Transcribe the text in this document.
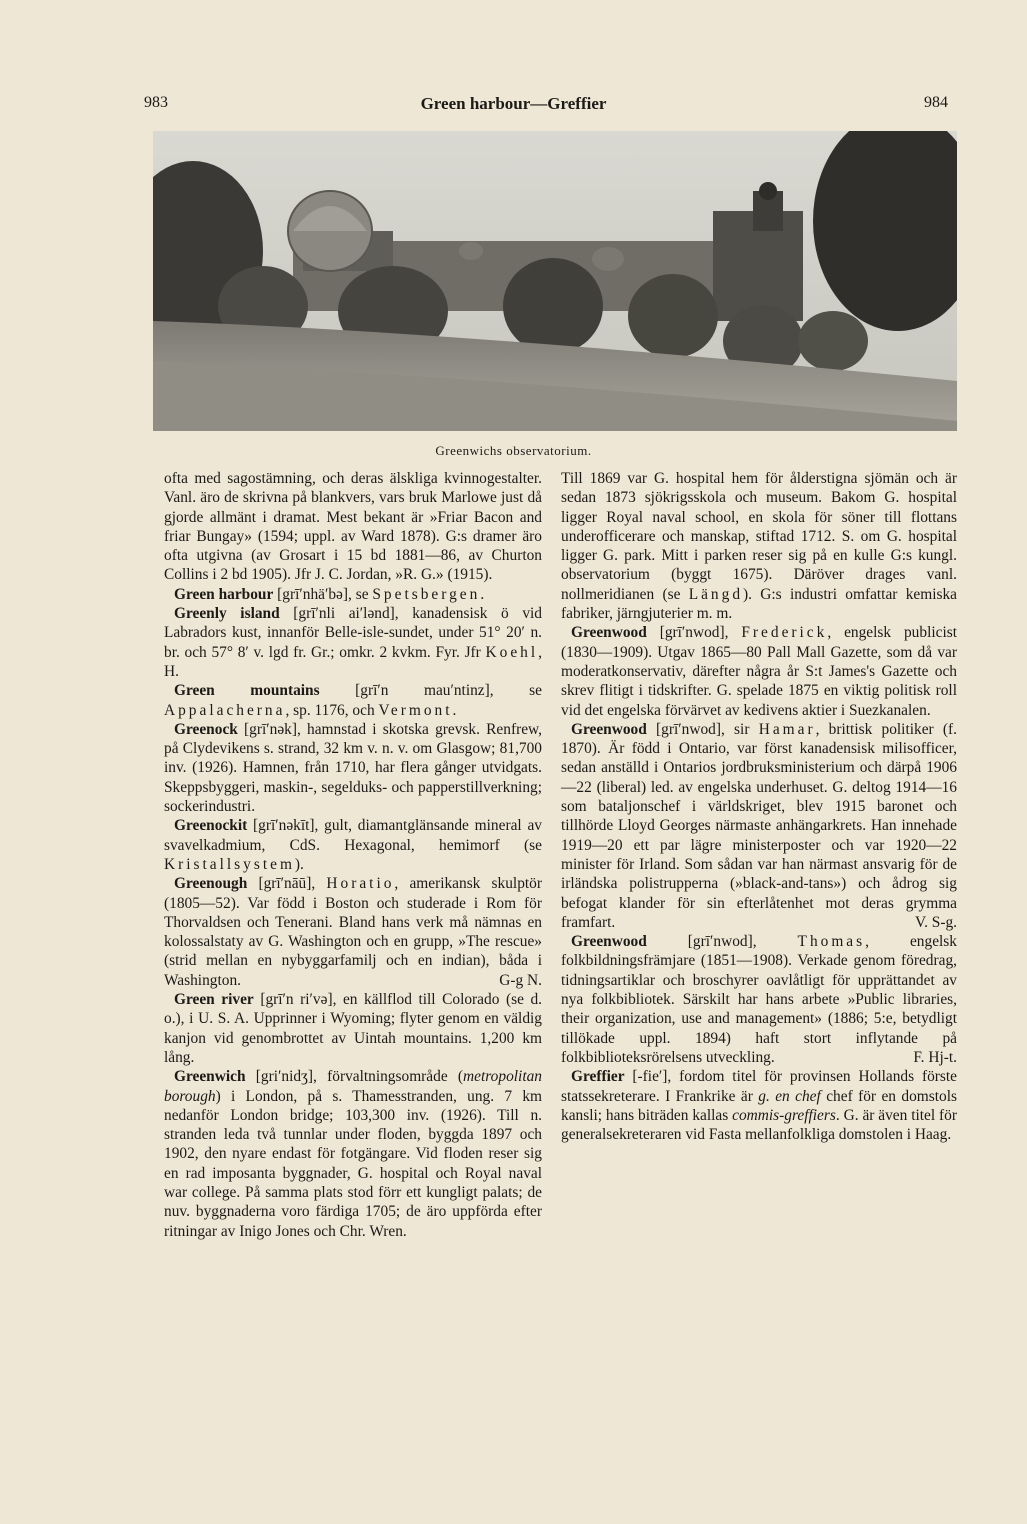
983	Green harbour—Greffier	984
Greenwichs observatorium.

ofta med sagostämning, och deras älskliga kvinnogestalter. Vanl. äro de skrivna på blankvers, vars bruk Marlowe just då gjorde allmänt i dramat. Mest bekant är »Friar Bacon and friar Bungay» (1594; uppl. av Ward 1878). G:s dramer äro ofta utgivna (av Grosart i 15 bd 1881—86, av Churton Collins i 2 bd 1905). Jfr J. C. Jordan, »R. G.» (1915).

Green harbour [grī′nhä′bə], se Spetsbergen.

Greenly island [grī′nli ai′lənd], kanadensisk ö vid Labradors kust, innanför Belle-isle-sundet, under 51° 20′ n. br. och 57° 8′ v. lgd fr. Gr.; omkr. 2 kvkm. Fyr. Jfr Koehl, H.

Green mountains [grī′n mau′ntinz], se Appalacherna, sp. 1176, och Vermont.

Greenock [grī′nək], hamnstad i skotska grevsk. Renfrew, på Clydevikens s. strand, 32 km v. n. v. om Glasgow; 81,700 inv. (1926). Hamnen, från 1710, har flera gånger utvidgats. Skeppsbyggeri, maskin-, segelduks- och papperstillverkning; sockerindustri.

Greenockit [grī′nəkīt], gult, diamantglänsande mineral av svavelkadmium, CdS. Hexagonal, hemimorf (se Kristallsystem).

Greenough [grī′nāū], Horatio, amerikansk skulptör (1805—52). Var född i Boston och studerade i Rom för Thorvaldsen och Tenerani. Bland hans verk må nämnas en kolossalstaty av G. Washington och en grupp, »The rescue» (strid mellan en nybyggarfamilj och en indian), båda i Washington.	G-g N.

Green river [grī′n ri′və], en källflod till Colorado (se d. o.), i U. S. A. Upprinner i Wyoming; flyter genom en väldig kanjon vid genombrottet av Uintah mountains. 1,200 km lång.

Greenwich [gri′nidʒ], förvaltningsområde (metropolitan borough) i London, på s. Thamesstranden, ung. 7 km nedanför London bridge; 103,300 inv. (1926). Till n. stranden leda två tunnlar under floden, byggda 1897 och 1902, den nyare endast för fotgängare. Vid floden reser sig en rad imposanta byggnader, G. hospital och Royal naval war college. På samma plats stod förr ett kungligt palats; de nuv. byggnaderna voro färdiga 1705; de äro uppförda efter ritningar av Inigo Jones och Chr. Wren.

Till 1869 var G. hospital hem för ålderstigna sjömän och är sedan 1873 sjökrigsskola och museum. Bakom G. hospital ligger Royal naval school, en skola för söner till flottans underofficerare och manskap, stiftad 1712. S. om G. hospital ligger G. park. Mitt i parken reser sig på en kulle G:s kungl. observatorium (byggt 1675). Däröver drages vanl. nollmeridianen (se Längd). G:s industri omfattar kemiska fabriker, järngjuterier m. m.

Greenwood [grī′nwod], Frederick, engelsk publicist (1830—1909). Utgav 1865—80 Pall Mall Gazette, som då var moderatkonservativ, därefter några år S:t James's Gazette och skrev flitigt i tidskrifter. G. spelade 1875 en viktig politisk roll vid det engelska förvärvet av kedivens aktier i Suezkanalen.

Greenwood [grī′nwod], sir Hamar, brittisk politiker (f. 1870). Är född i Ontario, var först kanadensisk milisofficer, sedan anställd i Ontarios jordbruksministerium och därpå 1906—22 (liberal) led. av engelska underhuset. G. deltog 1914—16 som bataljonschef i världskriget, blev 1915 baronet och tillhörde Lloyd Georges närmaste anhängarkrets. Han innehade 1919—20 ett par lägre ministerposter och var 1920—22 minister för Irland. Som sådan var han närmast ansvarig för de irländska polistrupperna (»black-and-tans») och ådrog sig befogat klander för sin efterlåtenhet mot deras grymma framfart.	V. S-g.

Greenwood [grī′nwod], Thomas, engelsk folkbildningsfrämjare (1851—1908). Verkade genom föredrag, tidningsartiklar och broschyrer oavlåtligt för upprättandet av nya folkbibliotek. Särskilt har hans arbete »Public libraries, their organization, use and management» (1886; 5:e, betydligt tillökade uppl. 1894) haft stort inflytande på folkbiblioteksrörelsens utveckling.	F. Hj-t.

Greffier [-fie′], fordom titel för provinsen Hollands förste statssekreterare. I Frankrike är g. en chef chef för en domstols kansli; hans biträden kallas commis-greffiers. G. är även titel för generalsekreteraren vid Fasta mellanfolkliga domstolen i Haag.
